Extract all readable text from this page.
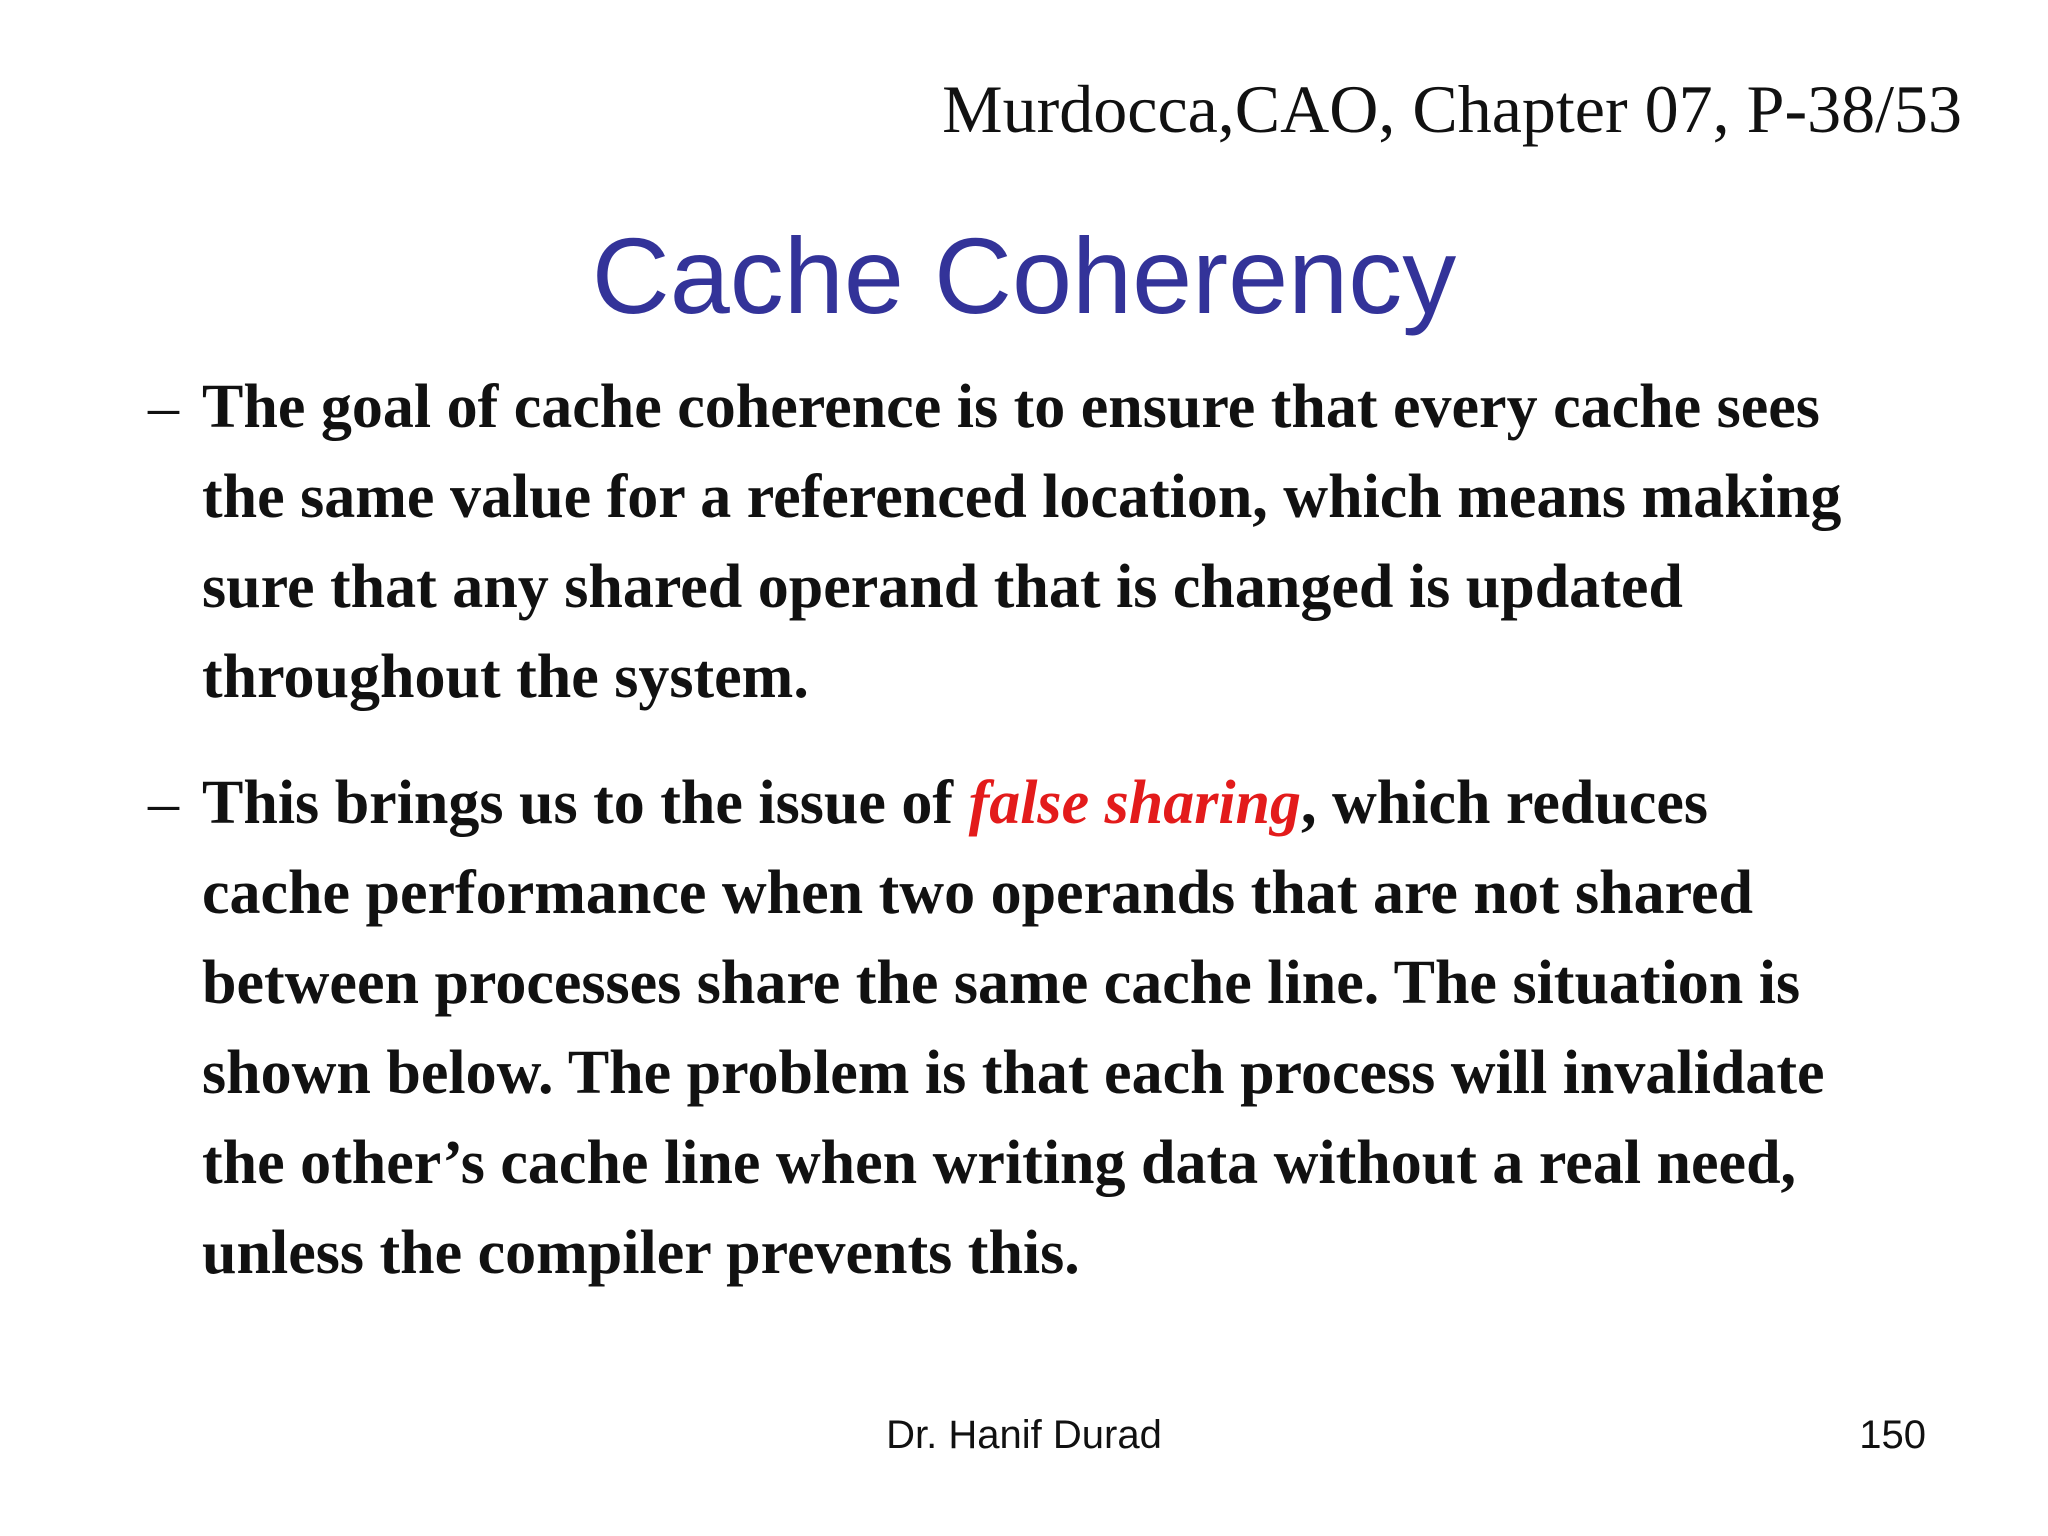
Murdocca,CAO, Chapter 07, P-38/53
Cache Coherency
– The goal of cache coherence is to ensure that every cache sees
the same value for a referenced location, which means making
sure that any shared operand that is changed is updated
throughout the system.
– This brings us to the issue of false sharing, which reduces
cache performance when two operands that are not shared
between processes share the same cache line. The situation is
shown below. The problem is that each process will invalidate
the other’s cache line when writing data without a real need,
unless the compiler prevents this.
Dr. Hanif Durad	150
